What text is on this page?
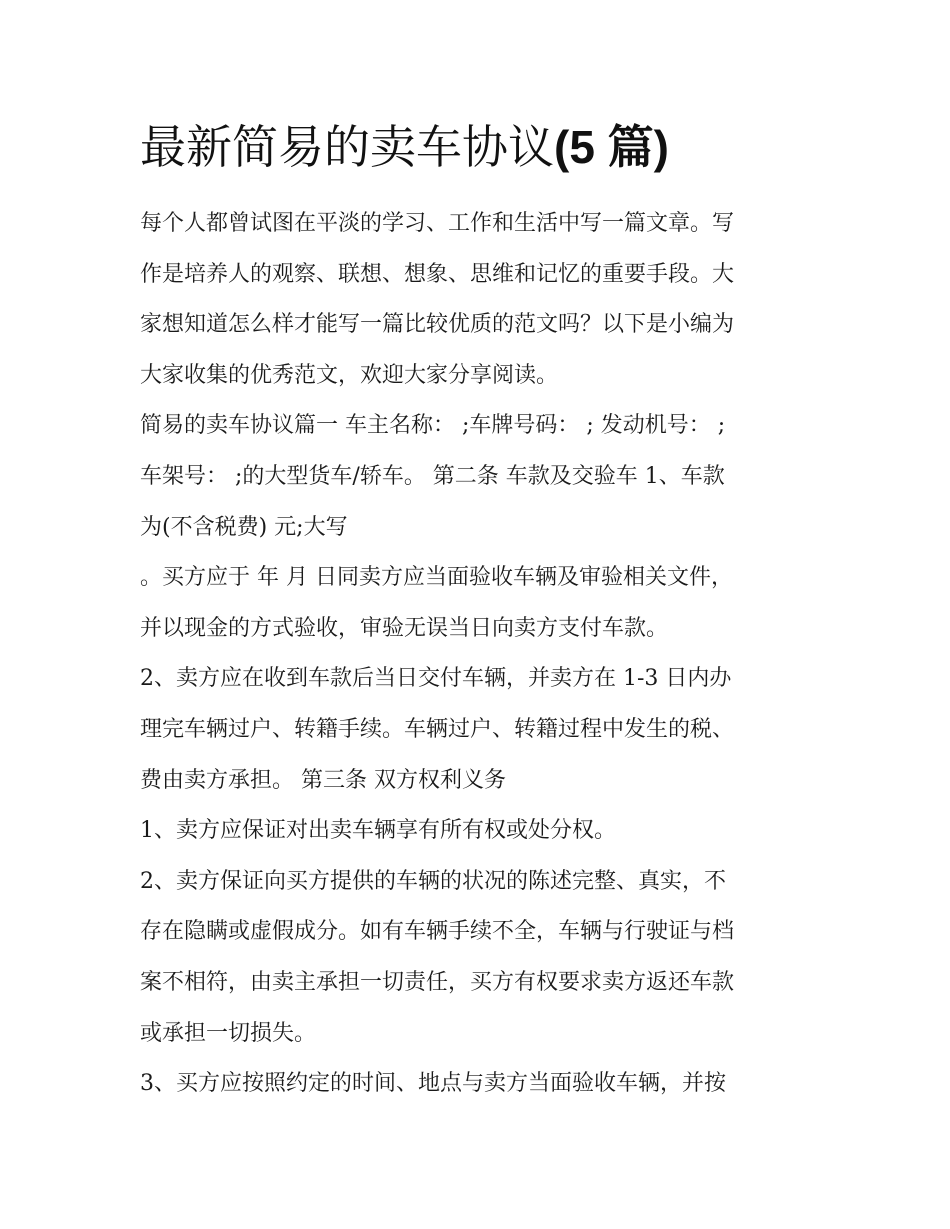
最新简易的卖车协议(5 篇)
每个人都曾试图在平淡的学习、工作和生活中写一篇文章。写
作是培养人的观察、联想、想象、思维和记忆的重要手段。大
家想知道怎么样才能写一篇比较优质的范文吗？以下是小编为
大家收集的优秀范文，欢迎大家分享阅读。
简易的卖车协议篇一 车主名称： ;车牌号码： ; 发动机号： ;
车架号： ;的大型货车/轿车。 第二条 车款及交验车 1、车款
为(不含税费) 元;大写
。买方应于 年 月 日同卖方应当面验收车辆及审验相关文件，
并以现金的方式验收，审验无误当日向卖方支付车款。
2、卖方应在收到车款后当日交付车辆，并卖方在 1-3 日内办
理完车辆过户、转籍手续。车辆过户、转籍过程中发生的税、
费由卖方承担。 第三条 双方权利义务
1、卖方应保证对出卖车辆享有所有权或处分权。
2、卖方保证向买方提供的车辆的状况的陈述完整、真实，不
存在隐瞒或虚假成分。如有车辆手续不全，车辆与行驶证与档
案不相符，由卖主承担一切责任，买方有权要求卖方返还车款
或承担一切损失。
3、买方应按照约定的时间、地点与卖方当面验收车辆，并按
